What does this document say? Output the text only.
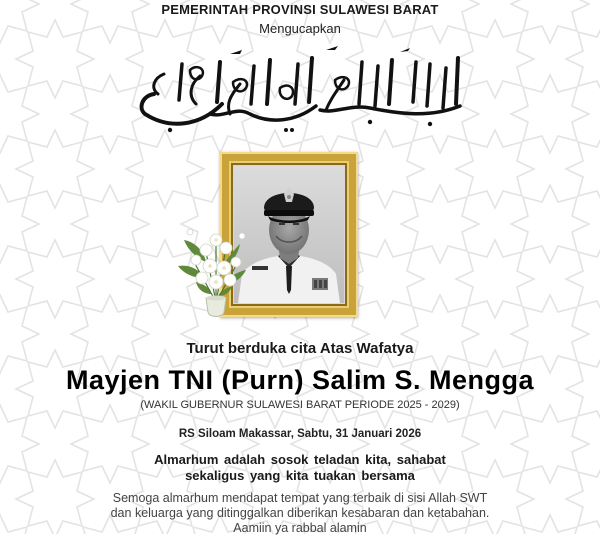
PEMERINTAH PROVINSI SULAWESI BARAT
Mengucapkan
Turut berduka cita Atas Wafatya
Mayjen TNI (Purn) Salim S. Mengga
(WAKIL GUBERNUR SULAWESI BARAT PERIODE 2025 - 2029)
RS Siloam Makassar, Sabtu, 31 Januari 2026
Almarhum adalah sosok teladan kita, sahabat
sekaligus yang kita tuakan bersama
Semoga almarhum mendapat tempat yang terbaik di sisi Allah SWT
dan keluarga yang ditinggalkan diberikan kesabaran dan ketabahan.
Aamiin ya rabbal alamin
